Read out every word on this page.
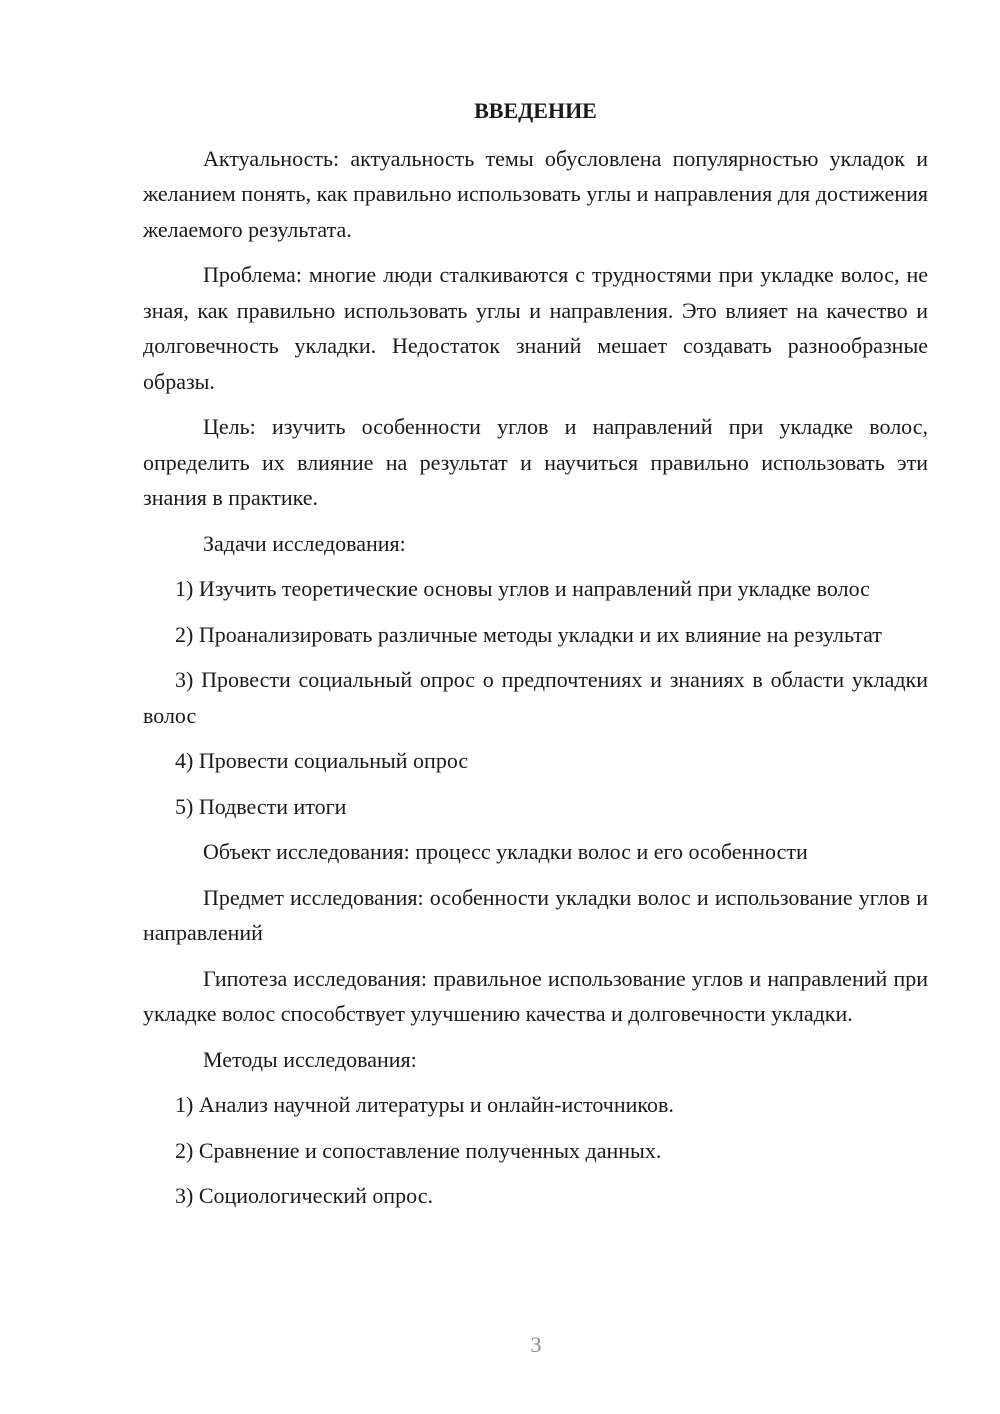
ВВЕДЕНИЕ

Актуальность: актуальность темы обусловлена популярностью укладок и желанием понять, как правильно использовать углы и направления для достижения желаемого результата.

Проблема: многие люди сталкиваются с трудностями при укладке волос, не зная, как правильно использовать углы и направления. Это влияет на качество и долговечность укладки. Недостаток знаний мешает создавать разнообразные образы.

Цель: изучить особенности углов и направлений при укладке волос, определить их влияние на результат и научиться правильно использовать эти знания в практике.

Задачи исследования:

1) Изучить теоретические основы углов и направлений при укладке волос

2) Проанализировать различные методы укладки и их влияние на результат

3) Провести социальный опрос о предпочтениях и знаниях в области укладки волос

4) Провести социальный опрос

5) Подвести итоги

Объект исследования: процесс укладки волос и его особенности

Предмет исследования: особенности укладки волос и использование углов и направлений

Гипотеза исследования: правильное использование углов и направлений при укладке волос способствует улучшению качества и долговечности укладки.

Методы исследования:

1) Анализ научной литературы и онлайн-источников.

2) Сравнение и сопоставление полученных данных.

3) Социологический опрос.

3
